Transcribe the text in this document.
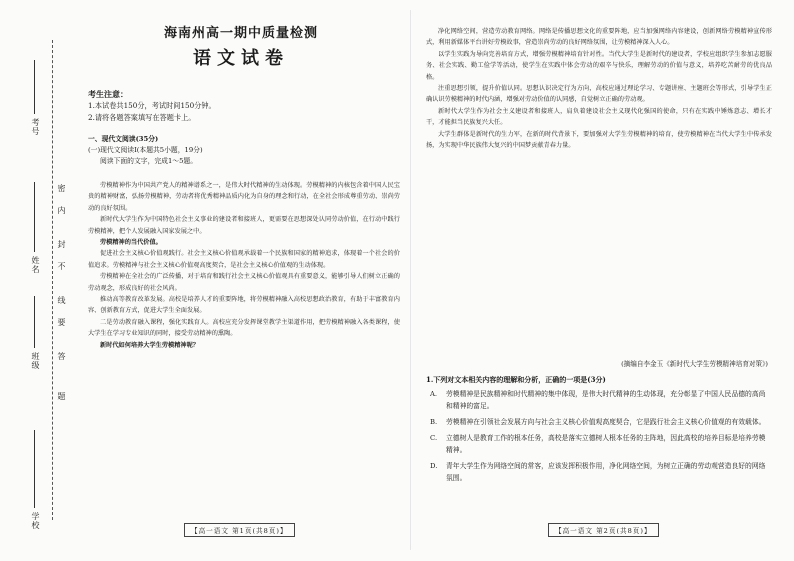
考号
姓名
班级
学校
密
封
线
内
不
要
答
题
海南州高一期中质量检测
语文试卷
考生注意：
1.本试卷共150分，考试时间150分钟。
2.请将各题答案填写在答题卡上。
一、现代文阅读(35分)
(一)现代文阅读Ⅰ(本题共5小题，19分)
阅读下面的文字，完成1～5题。

劳模精神作为中国共产党人的精神谱系之一，是伟大时代精神的生动体现。劳模精神的内核包含着中国人民宝贵的精神财富，弘扬劳模精神，劳动者将优秀精神品质内化为自身的理念和行动，在全社会形成尊重劳动、崇尚劳动的良好氛围。

新时代大学生作为中国特色社会主义事业的建设者和接班人，更需要在思想深处认同劳动价值，在行动中践行劳模精神，把个人发展融入国家发展之中。

劳模精神的当代价值。

促进社会主义核心价值观践行。社会主义核心价值观承载着一个民族和国家的精神追求，体现着一个社会的价值追求。劳模精神与社会主义核心价值观高度契合，是社会主义核心价值观的生动体现。

劳模精神在全社会的广泛传播，对于培育和践行社会主义核心价值观具有重要意义，能够引导人们树立正确的劳动观念，形成良好的社会风尚。

推动高等教育改革发展。高校是培养人才的重要阵地，将劳模精神融入高校思想政治教育，有助于丰富教育内容、创新教育方式，促进大学生全面发展。

二是劳动教育融入课程，强化实践育人。高校应充分发挥课堂教学主渠道作用，把劳模精神融入各类课程，使大学生在学习专业知识的同时，接受劳动精神的熏陶。

新时代如何培养大学生劳模精神呢？

【高一语文 第1页(共8页)】

净化网络空间，营造劳动教育网络。网络是传播思想文化的重要阵地，应当加强网络内容建设，创新网络劳模精神宣传形式，利用新媒体平台讲好劳模故事，营造崇尚劳动的良好网络氛围，让劳模精神深入人心。

以学生实践为导向完善培育方式，增强劳模精神培育针对性。当代大学生是新时代的建设者，学校应组织学生参加志愿服务、社会实践、勤工俭学等活动，使学生在实践中体会劳动的艰辛与快乐，理解劳动的价值与意义，培养吃苦耐劳的优良品格。

注重思想引领，提升价值认同。思想认识决定行为方向，高校应通过理论学习、专题讲座、主题班会等形式，引导学生正确认识劳模精神的时代内涵，增强对劳动价值的认同感，自觉树立正确的劳动观。

新时代大学生作为社会主义建设者和接班人，肩负着建设社会主义现代化强国的使命，只有在实践中锤炼意志、增长才干，才能担当民族复兴大任。

大学生群体是新时代的生力军，在新的时代背景下，要加强对大学生劳模精神的培育，使劳模精神在当代大学生中传承发扬，为实现中华民族伟大复兴的中国梦贡献青春力量。

(摘编自李金玉《新时代大学生劳模精神培育对策》)
1.下列对文本相关内容的理解和分析，正确的一项是(3分)
A.	劳模精神是民族精神和时代精神的集中体现，是伟大时代精神的生动体现，充分彰显了中国人民品德的高尚和精神的富足。
B.	劳模精神在引领社会发展方向与社会主义核心价值观高度契合，它是践行社会主义核心价值观的有效载体。
C.	立德树人是教育工作的根本任务，高校是落实立德树人根本任务的主阵地，因此高校的培养目标是培养劳模精神。
D.	青年大学生作为网络空间的常客，应该发挥积极作用，净化网络空间，为树立正确的劳动观营造良好的网络氛围。
【高一语文 第2页(共8页)】
